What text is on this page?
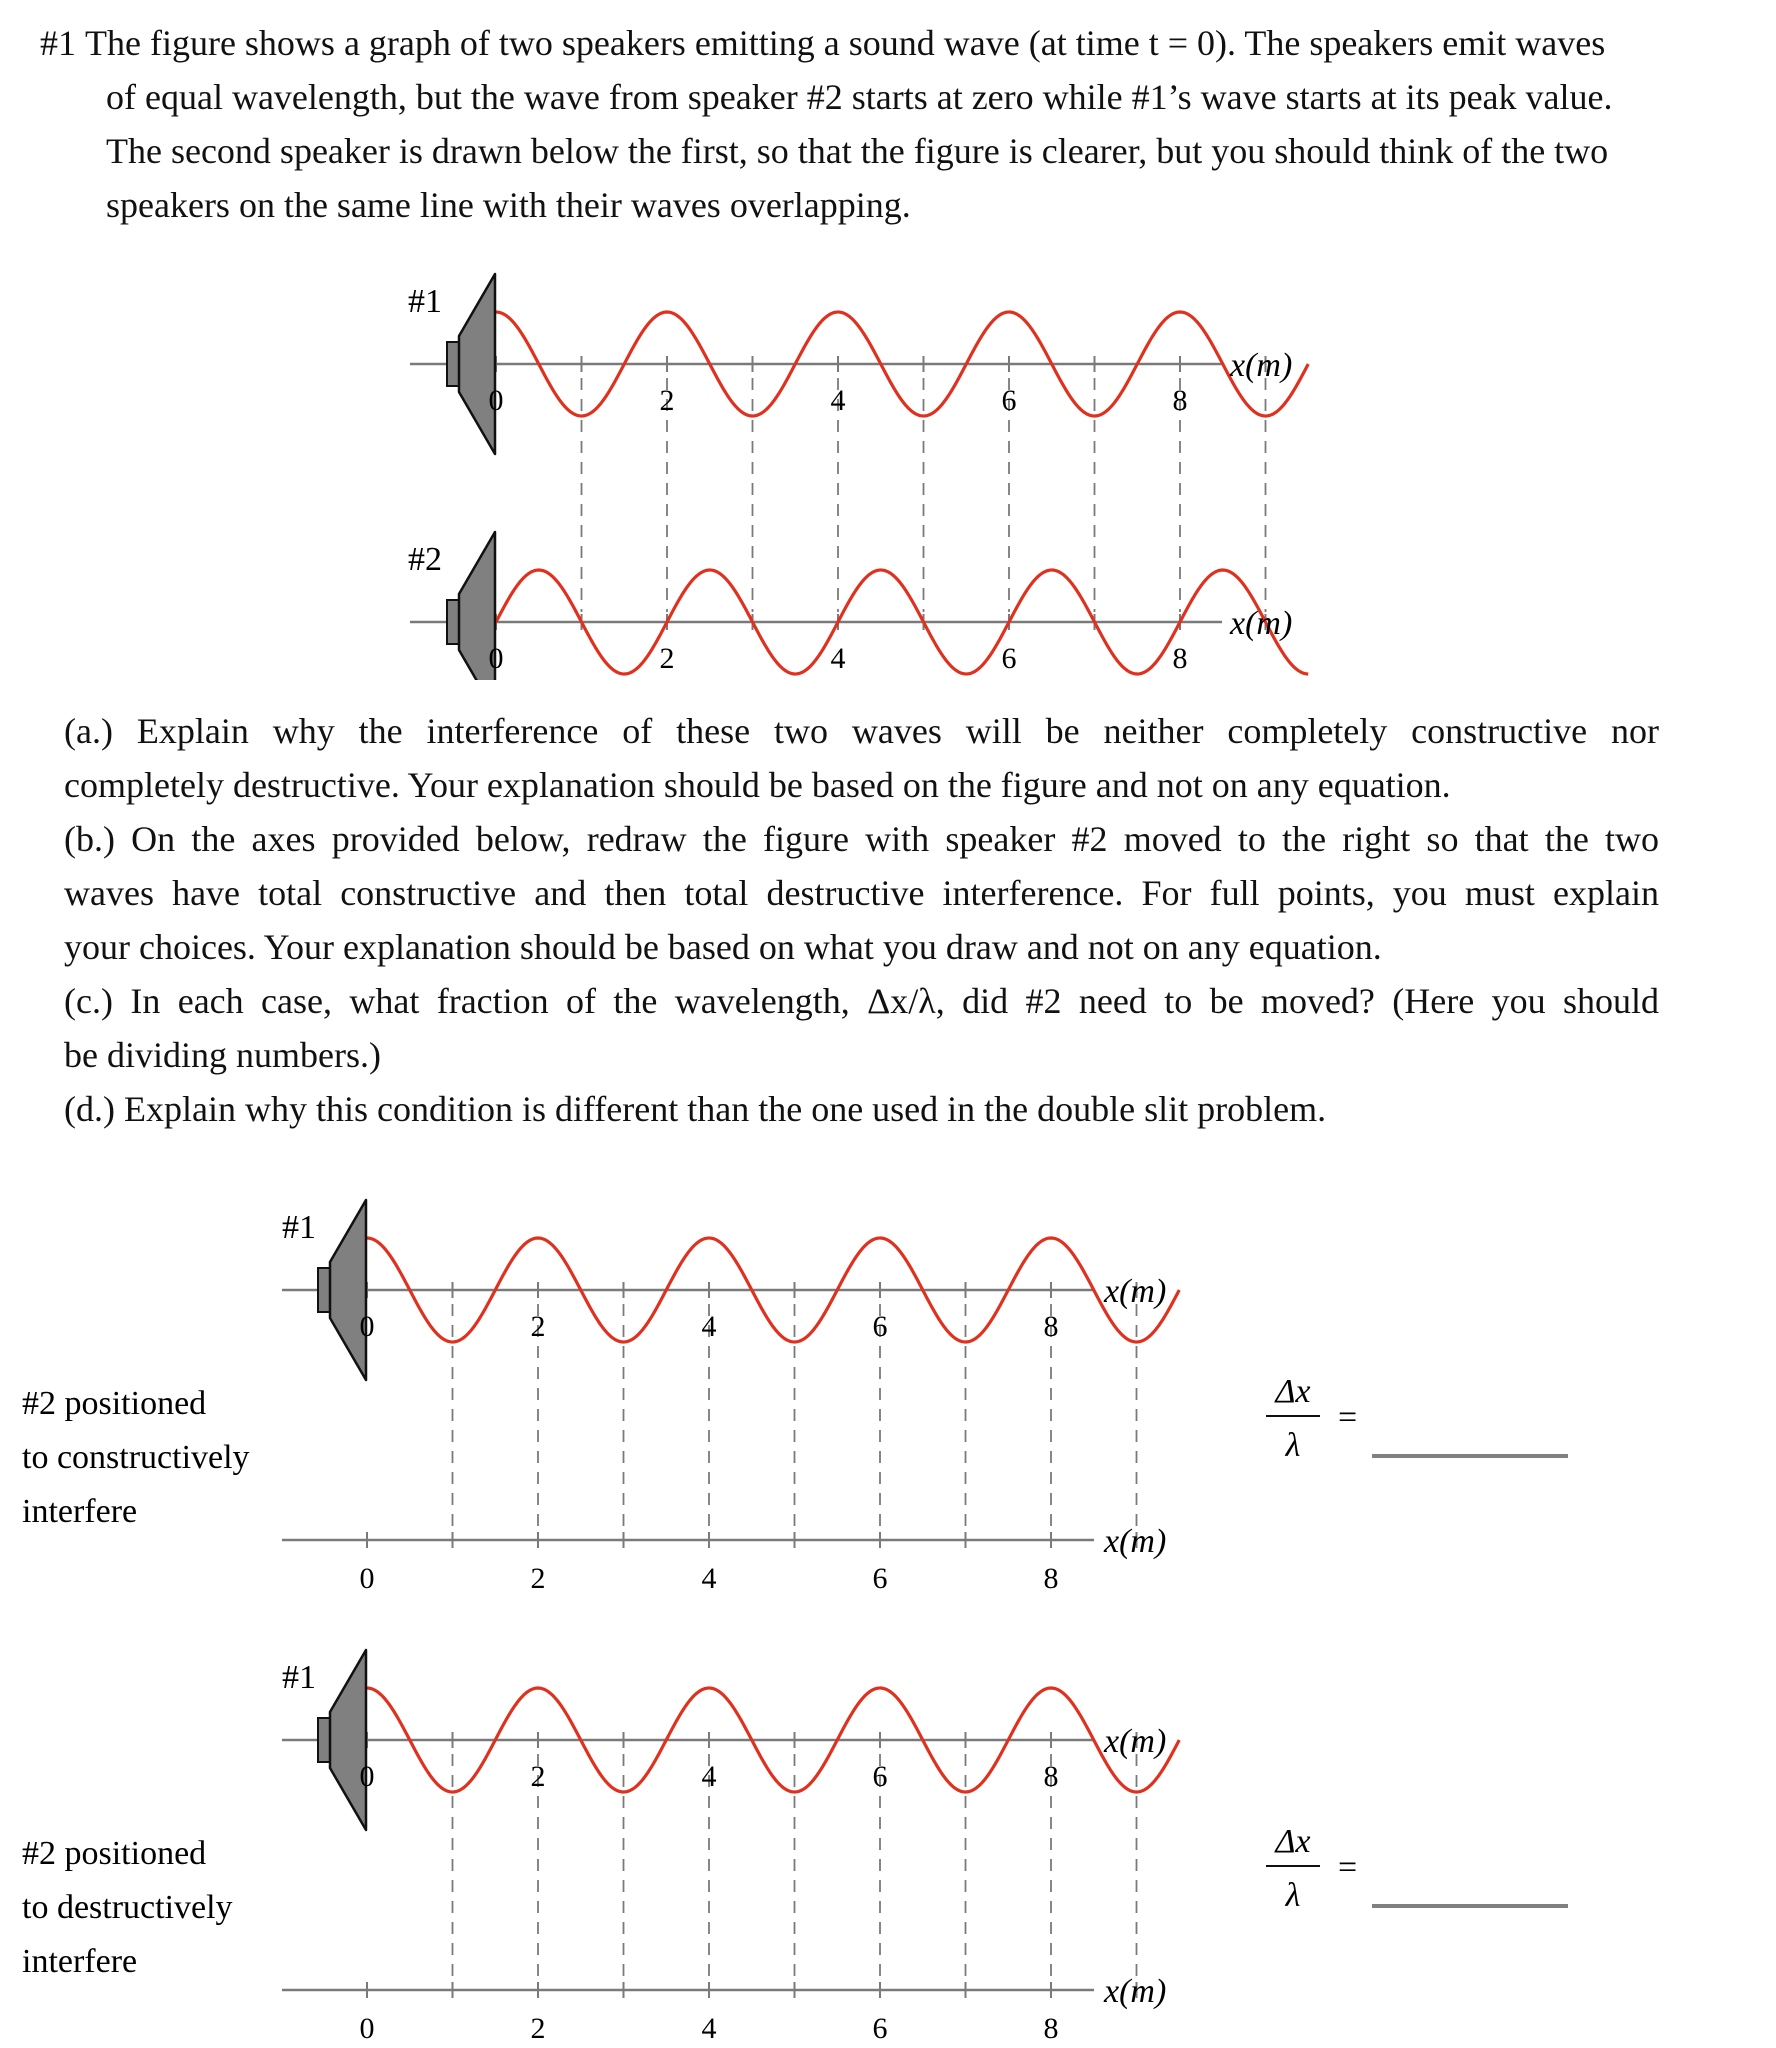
#1 The figure shows a graph of two speakers emitting a sound wave (at time t = 0). The speakers emit waves
of equal wavelength, but the wave from speaker #2 starts at zero while #1’s wave starts at its peak value.
The second speaker is drawn below the first, so that the figure is clearer, but you should think of the two
speakers on the same line with their waves overlapping.
0	2	4	6	8
0	2	4	6	8
#1
#2
x(m)
x(m)
(a.) Explain why the interference of these two waves will be neither completely constructive nor
completely destructive. Your explanation should be based on the figure and not on any equation.
(b.) On the axes provided below, redraw the figure with speaker #2 moved to the right so that the two
waves have total constructive and then total destructive interference. For full points, you must explain
your choices. Your explanation should be based on what you draw and not on any equation.
(c.) In each case, what fraction of the wavelength, Δx/λ, did #2 need to be moved? (Here you should
be dividing numbers.)
(d.) Explain why this condition is different than the one used in the double slit problem.
0	2	4	6	8
0	2	4	6	8
#1
x(m)
x(m)
#2 positioned
to constructively
interfere
Δx
λ
=
0	2	4	6	8
0	2	4	6	8
#1
x(m)
x(m)
#2 positioned
to destructively
interfere
Δx
λ
=
